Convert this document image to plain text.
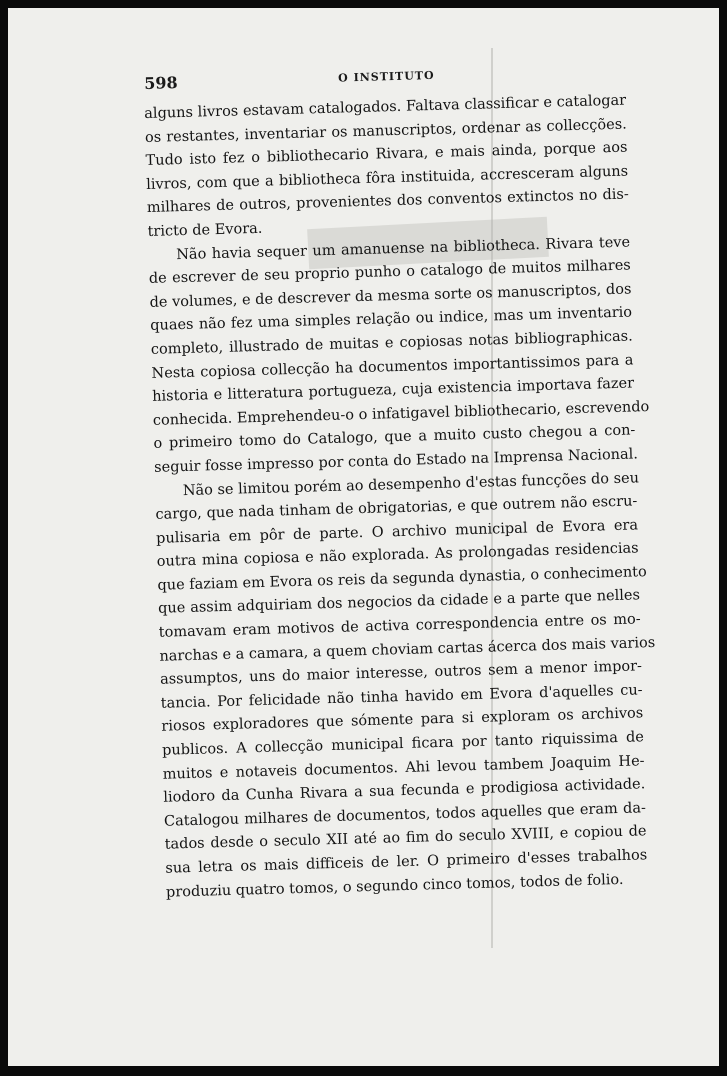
598	O INSTITUTO

alguns livros estavam catalogados. Faltava classificar e catalogar
os restantes, inventariar os manuscriptos, ordenar as collecções.
Tudo isto fez o bibliothecario Rivara, e mais ainda, porque aos
livros, com que a bibliotheca fôra instituida, accresceram alguns
milhares de outros, provenientes dos conventos extinctos no dis-
tricto de Evora.

Não havia sequer um amanuense na bibliotheca. Rivara teve
de escrever de seu proprio punho o catalogo de muitos milhares
de volumes, e de descrever da mesma sorte os manuscriptos, dos
quaes não fez uma simples relação ou indice, mas um inventario
completo, illustrado de muitas e copiosas notas bibliographicas.
Nesta copiosa collecção ha documentos importantissimos para a
historia e litteratura portugueza, cuja existencia importava fazer
conhecida. Emprehendeu-o o infatigavel bibliothecario, escrevendo
o primeiro tomo do Catalogo, que a muito custo chegou a con-
seguir fosse impresso por conta do Estado na Imprensa Nacional.

Não se limitou porém ao desempenho d'estas funcções do seu
cargo, que nada tinham de obrigatorias, e que outrem não escru-
pulisaria em pôr de parte. O archivo municipal de Evora era
outra mina copiosa e não explorada. As prolongadas residencias
que faziam em Evora os reis da segunda dynastia, o conhecimento
que assim adquiriam dos negocios da cidade e a parte que nelles
tomavam eram motivos de activa correspondencia entre os mo-
narchas e a camara, a quem choviam cartas ácerca dos mais varios
assumptos, uns do maior interesse, outros sem a menor impor-
tancia. Por felicidade não tinha havido em Evora d'aquelles cu-
riosos exploradores que sómente para si exploram os archivos
publicos. A collecção municipal ficara por tanto riquissima de
muitos e notaveis documentos. Ahi levou tambem Joaquim He-
liodoro da Cunha Rivara a sua fecunda e prodigiosa actividade.
Catalogou milhares de documentos, todos aquelles que eram da-
tados desde o seculo XII até ao fim do seculo XVIII, e copiou de
sua letra os mais difficeis de ler. O primeiro d'esses trabalhos
produziu quatro tomos, o segundo cinco tomos, todos de folio.
